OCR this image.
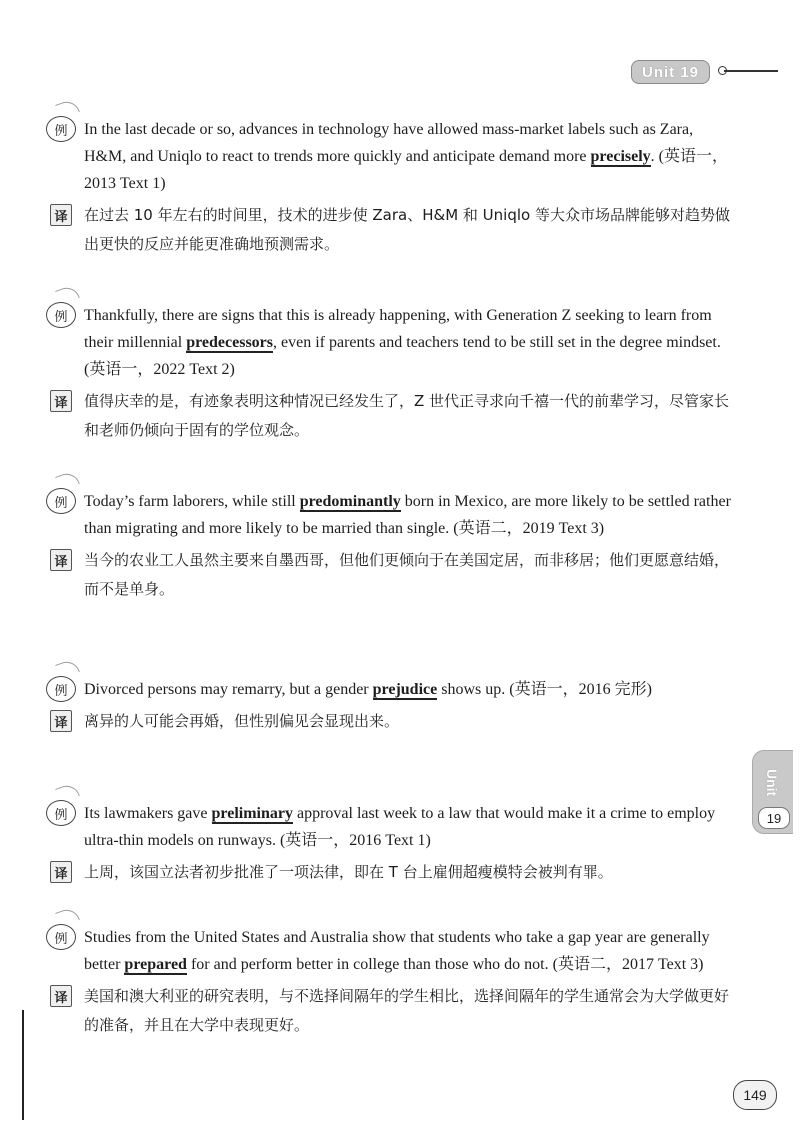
Unit 19
Unit
19
例 In the last decade or so, advances in technology have allowed mass-market labels such as Zara, H&M, and Uniqlo to react to trends more quickly and anticipate demand more precisely. (英语一，2013 Text 1)
译	在过去 10 年左右的时间里，技术的进步使 Zara、H&M 和 Uniqlo 等大众市场品牌能够对趋势做出更快的反应并能更准确地预测需求。
例 Thankfully, there are signs that this is already happening, with Generation Z seeking to learn from their millennial predecessors, even if parents and teachers tend to be still set in the degree mindset. (英语一，2022 Text 2)
译	值得庆幸的是，有迹象表明这种情况已经发生了，Z 世代正寻求向千禧一代的前辈学习，尽管家长和老师仍倾向于固有的学位观念。
例 Today’s farm laborers, while still predominantly born in Mexico, are more likely to be settled rather than migrating and more likely to be married than single. (英语二，2019 Text 3)
译	当今的农业工人虽然主要来自墨西哥，但他们更倾向于在美国定居，而非移居；他们更愿意结婚，而不是单身。
例 Divorced persons may remarry, but a gender prejudice shows up. (英语一，2016 完形)
译	离异的人可能会再婚，但性别偏见会显现出来。
例 Its lawmakers gave preliminary approval last week to a law that would make it a crime to employ ultra-thin models on runways. (英语一，2016 Text 1)
译	上周，该国立法者初步批准了一项法律，即在 T 台上雇佣超瘦模特会被判有罪。
例 Studies from the United States and Australia show that students who take a gap year are generally better prepared for and perform better in college than those who do not. (英语二，2017 Text 3)
译	美国和澳大利亚的研究表明，与不选择间隔年的学生相比，选择间隔年的学生通常会为大学做更好的准备，并且在大学中表现更好。
149
